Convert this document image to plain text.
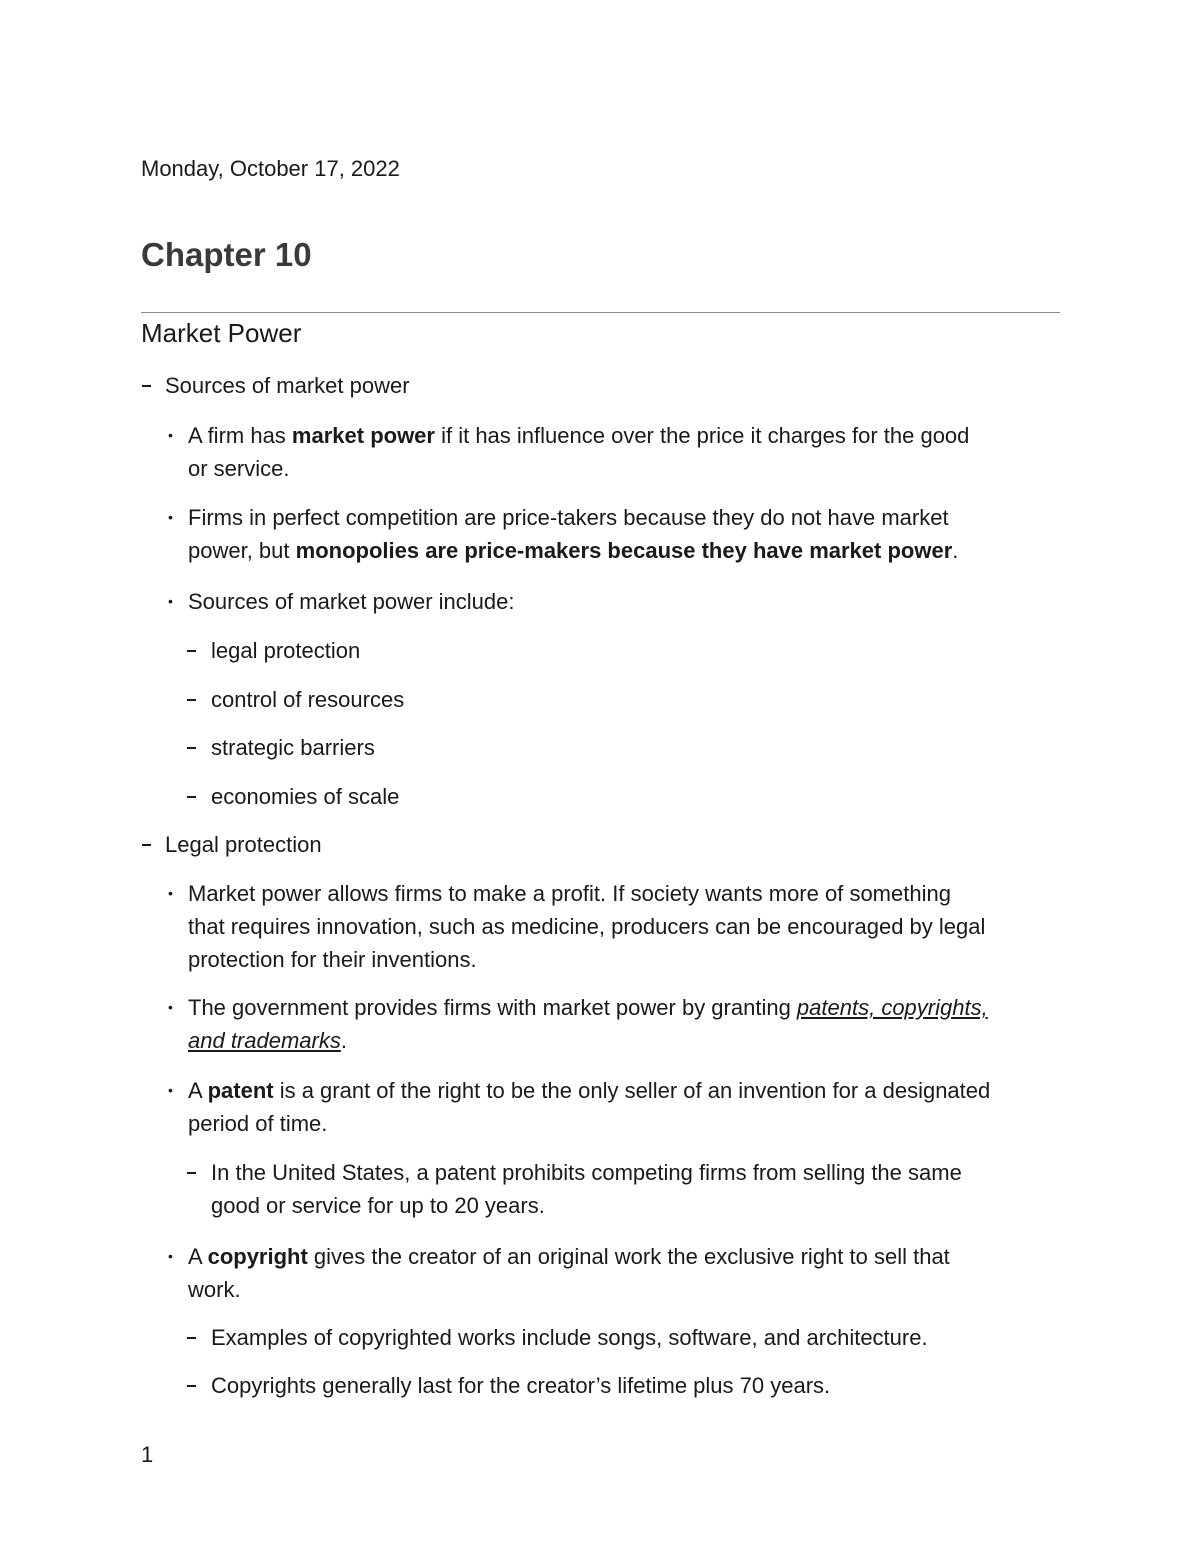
Monday, October 17, 2022
Chapter 10
Market Power
Sources of market power
• A firm has market power if it has influence over the price it charges for the good
or service.
• Firms in perfect competition are price-takers because they do not have market
power, but monopolies are price-makers because they have market power.
• Sources of market power include:
legal protection
control of resources
strategic barriers
economies of scale
Legal protection
• Market power allows firms to make a profit. If society wants more of something
that requires innovation, such as medicine, producers can be encouraged by legal
protection for their inventions.
• The government provides firms with market power by granting patents, copyrights,
and trademarks.
• A patent is a grant of the right to be the only seller of an invention for a designated
period of time.
In the United States, a patent prohibits competing firms from selling the same
good or service for up to 20 years.
• A copyright gives the creator of an original work the exclusive right to sell that
work.
Examples of copyrighted works include songs, software, and architecture.
Copyrights generally last for the creator’s lifetime plus 70 years.
1
